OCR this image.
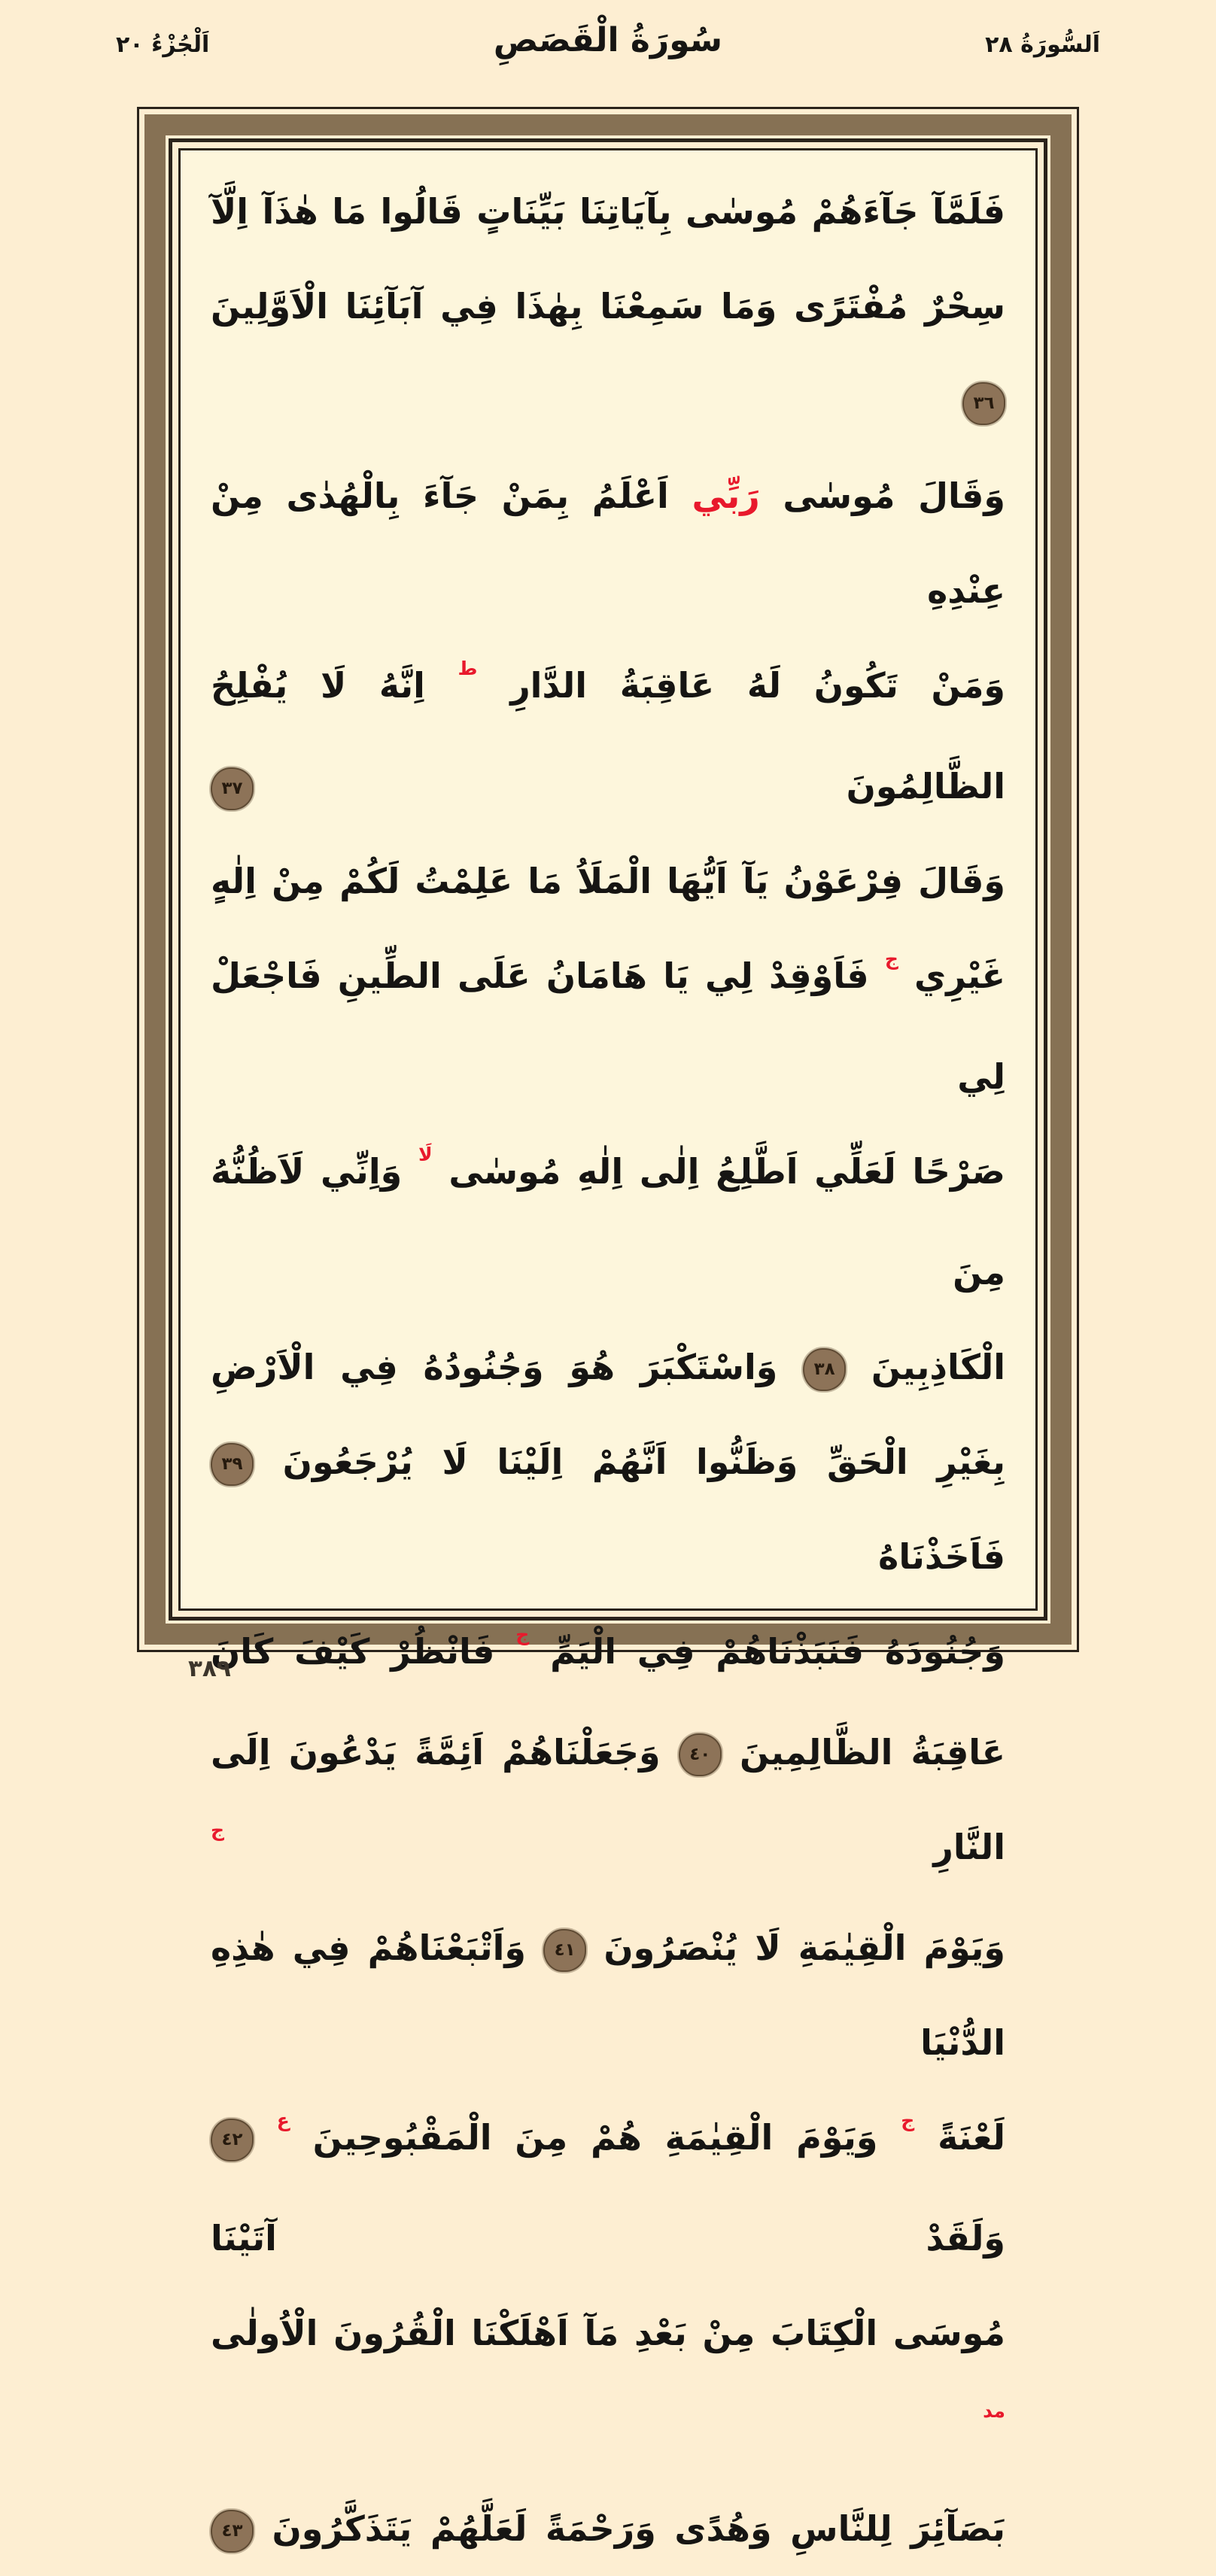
اَلسُّورَةُ ٢٨
سُورَةُ الْقَصَصِ
اَلْجُزْءُ ٢٠
فَلَمَّآ جَآءَهُمْ مُوسٰى بِآيَاتِنَا بَيِّنَاتٍ قَالُوا مَا هٰذَآ اِلَّآ
سِحْرٌ مُفْتَرًى وَمَا سَمِعْنَا بِهٰذَا فِي آبَآئِنَا الْاَوَّلِينَ ٣٦
وَقَالَ مُوسٰى رَبِّي اَعْلَمُ بِمَنْ جَآءَ بِالْهُدٰى مِنْ عِنْدِهِ
وَمَنْ تَكُونُ لَهُ عَاقِبَةُ الدَّارِ $^ط$ اِنَّهُ لَا يُفْلِحُ الظَّالِمُونَ ٣٧
وَقَالَ فِرْعَوْنُ يَآ اَيُّهَا الْمَلَاُ مَا عَلِمْتُ لَكُمْ مِنْ اِلٰهٍ
غَيْرِي $^ج$ فَاَوْقِدْ لِي يَا هَامَانُ عَلَى الطِّينِ فَاجْعَلْ لِي
صَرْحًا لَعَلِّي اَطَّلِعُ اِلٰى اِلٰهِ مُوسٰى $^{لَا}$ وَاِنِّي لَاَظُنُّهُ مِنَ
الْكَاذِبِينَ ٣٨ وَاسْتَكْبَرَ هُوَ وَجُنُودُهُ فِي الْاَرْضِ
بِغَيْرِ الْحَقِّ وَظَنُّوا اَنَّهُمْ اِلَيْنَا لَا يُرْجَعُونَ ٣٩ فَاَخَذْنَاهُ
وَجُنُودَهُ فَنَبَذْنَاهُمْ فِي الْيَمِّ $^ج$ فَانْظُرْ كَيْفَ كَانَ
عَاقِبَةُ الظَّالِمِينَ ٤٠ وَجَعَلْنَاهُمْ اَئِمَّةً يَدْعُونَ اِلَى النَّارِ $^ج$
وَيَوْمَ الْقِيٰمَةِ لَا يُنْصَرُونَ ٤١ وَاَتْبَعْنَاهُمْ فِي هٰذِهِ الدُّنْيَا
لَعْنَةً $^ج$ وَيَوْمَ الْقِيٰمَةِ هُمْ مِنَ الْمَقْبُوحِينَ $^ع$ ٤٢ وَلَقَدْ آتَيْنَا
مُوسَى الْكِتَابَ مِنْ بَعْدِ مَآ اَهْلَكْنَا الْقُرُونَ الْاُولٰى $^{مد}$
بَصَآئِرَ لِلنَّاسِ وَهُدًى وَرَحْمَةً لَعَلَّهُمْ يَتَذَكَّرُونَ ٤٣
٣٨٩
